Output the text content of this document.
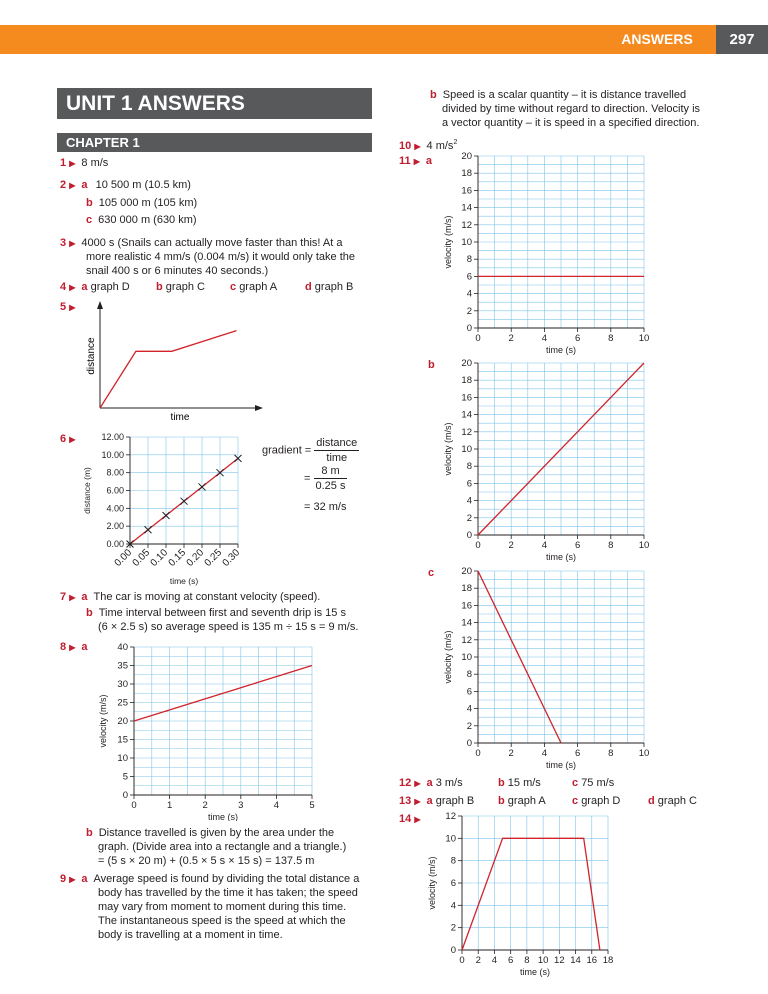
ANSWERS	297
UNIT 1 ANSWERS
CHAPTER 1
1 ▶ 8 m/s
2 ▶ a 10 500 m (10.5 km)
b 105 000 m (105 km)
c 630 000 m (630 km)
3 ▶ 4000 s (Snails can actually move faster than this! At a
more realistic 4 mm/s (0.004 m/s) it would only take the
snail 400 s or 6 minutes 40 seconds.)
4 ▶ a graph D b graph C c graph A	d graph B
5 ▶
distance
time
6 ▶
0.00
2.00
4.00
6.00
8.00
10.00
12.00
0.00
0.05
0.10
0.15
0.20
0.25
0.30
time (s)
distance (m)
gradient = $\frac{\text{distance}}{\text{time}}$
= $\frac{8 m}{0.25 s}$
= 32 m/s
7 ▶ a The car is moving at constant velocity (speed).
b Time interval between first and seventh drip is 15 s
(6 × 2.5 s) so average speed is 135 m ÷ 15 s = 9 m/s.
8 ▶ a
0
5
10
15
20
25
30
35
40
0	1	2	3	4	5
time (s)
velocity (m/s)
b Distance travelled is given by the area under the
graph. (Divide area into a rectangle and a triangle.)
= (5 s × 20 m) + (0.5 × 5 s × 15 s) = 137.5 m
9 ▶ a Average speed is found by dividing the total distance a
body has travelled by the time it has taken; the speed
may vary from moment to moment during this time.
The instantaneous speed is the speed at which the
body is travelling at a moment in time.
b Speed is a scalar quantity – it is distance travelled
divided by time without regard to direction. Velocity is
a vector quantity – it is speed in a specified direction.
10 ▶ 4 $m/s^2$
11 ▶ a
0
2
4
6
8
10
12
14
16
18
20
0	2	4	6	8	10
time (s)
velocity (m/s)
b
0
2
4
6
8
10
12
14
16
18
20
0	2	4	6	8	10
time (s)
velocity (m/s)
c
0
2
4
6
8
10
12
14
16
18
20
0	2	4	6	8	10
time (s)
velocity (m/s)
12 ▶ a 3 m/s	b 15 m/s	c 75 m/s
13 ▶ a graph B b graph A c graph D	d graph C
14 ▶
0
2
4
6
8
10
12
0 2 4 6 8 10 12 14 16 18
time (s)
velocity (m/s)
